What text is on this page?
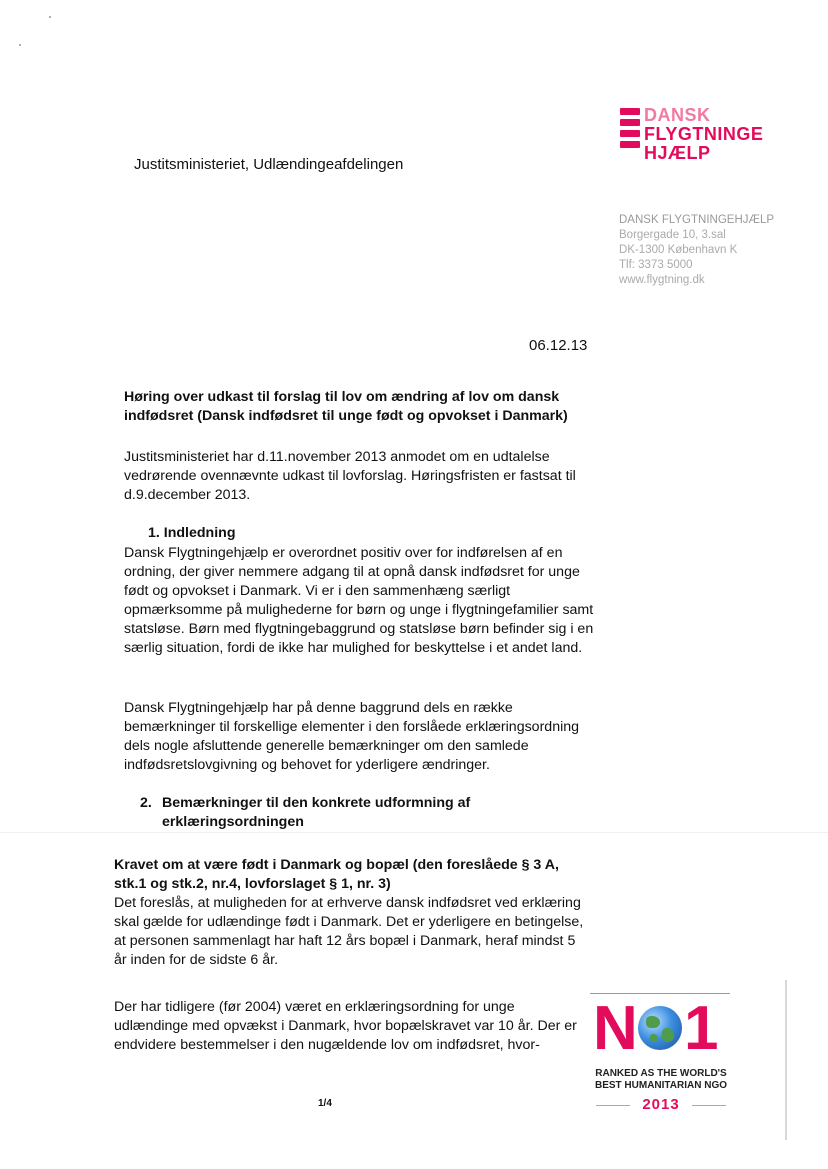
Justitsministeriet, Udlændingeafdelingen
DANSK
FLYGTNINGE
HJÆLP
DANSK FLYGTNINGEHJÆLP
Borgergade 10, 3.sal
DK-1300 København K
Tlf: 3373 5000
www.flygtning.dk
06.12.13
Høring over udkast til forslag til lov om ændring af lov om dansk indfødsret (Dansk indfødsret til unge født og opvokset i Danmark)
Justitsministeriet har d.11.november 2013 anmodet om en udtalelse vedrørende ovennævnte udkast til lovforslag. Høringsfristen er fastsat til d.9.december 2013.
1. Indledning
Dansk Flygtningehjælp er overordnet positiv over for indførelsen af en ordning, der giver nemmere adgang til at opnå dansk indfødsret for unge født og opvokset i Danmark. Vi er i den sammenhæng særligt opmærksomme på mulighederne for børn og unge i flygtningefamilier samt statsløse. Børn med flygtningebaggrund og statsløse børn befinder sig i en særlig situation, fordi de ikke har mulighed for beskyttelse i et andet land.
Dansk Flygtningehjælp har på denne baggrund dels en række bemærkninger til forskellige elementer i den forslåede erklæringsordning dels nogle afsluttende generelle bemærkninger om den samlede indfødsretslovgivning og behovet for yderligere ændringer.
2. Bemærkninger til den konkrete udformning af erklæringsordningen
Kravet om at være født i Danmark og bopæl (den foreslåede § 3 A, stk.1 og stk.2, nr.4, lovforslaget § 1, nr. 3)
Det foreslås, at muligheden for at erhverve dansk indfødsret ved erklæring skal gælde for udlændinge født i Danmark. Det er yderligere en betingelse, at personen sammenlagt har haft 12 års bopæl i Danmark, heraf mindst 5 år inden for de sidste 6 år.
Der har tidligere (før 2004) været en erklæringsordning for unge udlændinge med opvækst i Danmark, hvor bopælskravet var 10 år. Der er endvidere bestemmelser i den nugældende lov om indfødsret, hvor-
1/4
N 1
RANKED AS THE WORLD'S
BEST HUMANITARIAN NGO
2013
